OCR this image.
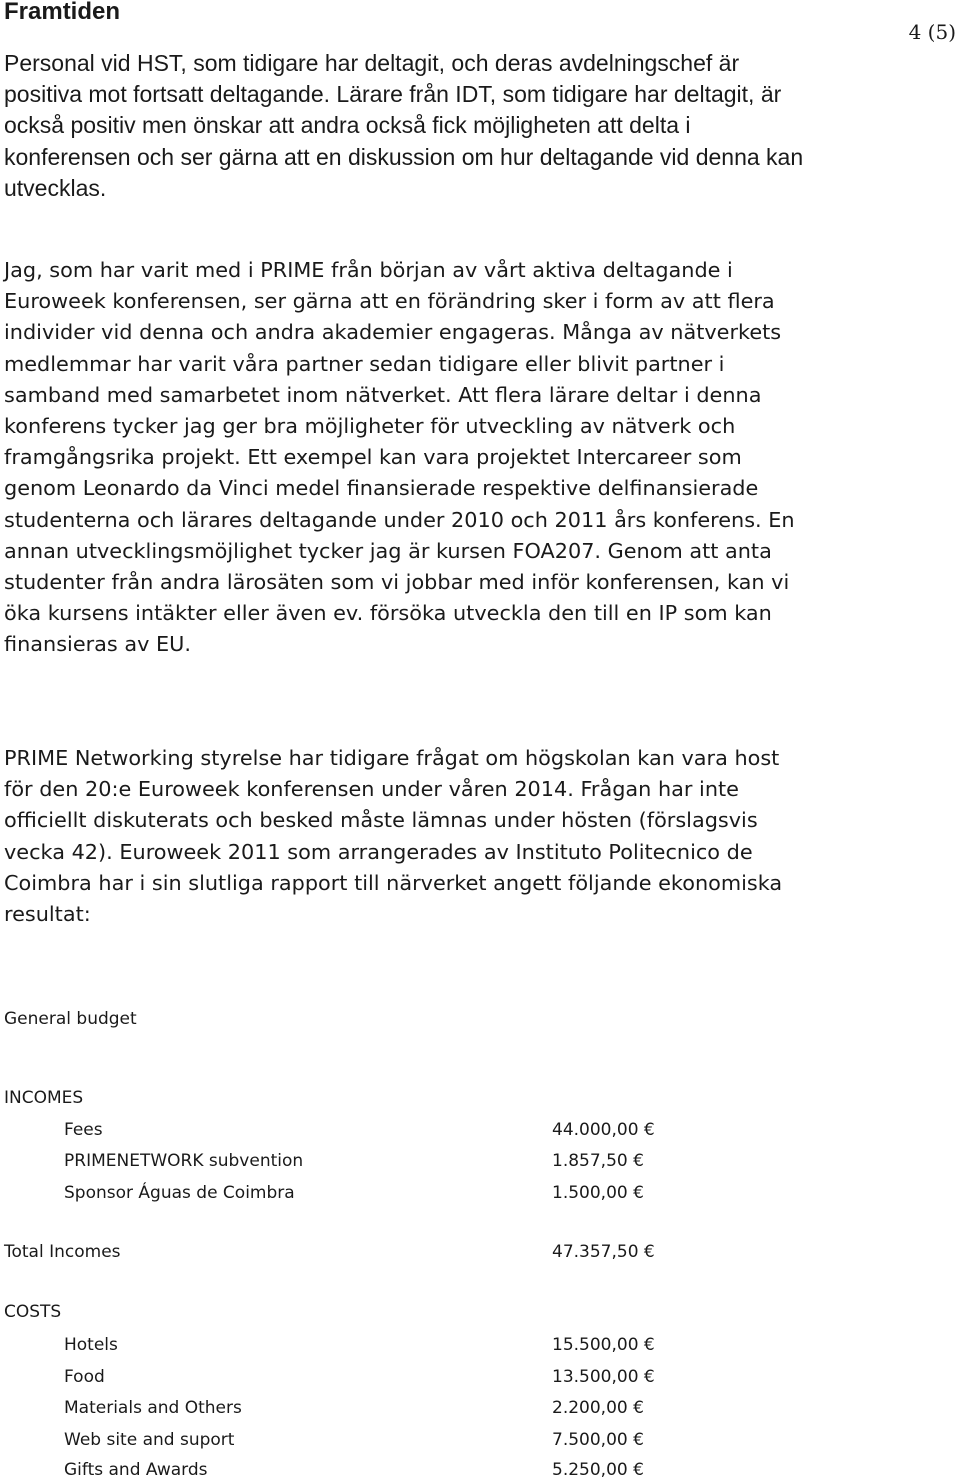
Framtiden
4 (5)

Personal vid HST, som tidigare har deltagit, och deras avdelningschef är positiva mot fortsatt deltagande. Lärare från IDT, som tidigare har deltagit, är också positiv men önskar att andra också fick möjligheten att delta i konferensen och ser gärna att en diskussion om hur deltagande vid denna kan utvecklas.

Jag, som har varit med i PRIME från början av vårt aktiva deltagande i Euroweek konferensen, ser gärna att en förändring sker i form av att flera individer vid denna och andra akademier engageras. Många av nätverkets medlemmar har varit våra partner sedan tidigare eller blivit partner i samband med samarbetet inom nätverket. Att flera lärare deltar i denna konferens tycker jag ger bra möjligheter för utveckling av nätverk och framgångsrika projekt. Ett exempel kan vara projektet Intercareer som genom Leonardo da Vinci medel finansierade respektive delfinansierade studenterna och lärares deltagande under 2010 och 2011 års konferens. En annan utvecklingsmöjlighet tycker jag är kursen FOA207. Genom att anta studenter från andra lärosäten som vi jobbar med inför konferensen, kan vi öka kursens intäkter eller även ev. försöka utveckla den till en IP som kan finansieras av EU.

PRIME Networking styrelse har tidigare frågat om högskolan kan vara host för den 20:e Euroweek konferensen under våren 2014. Frågan har inte officiellt diskuterats och besked måste lämnas under hösten (förslagsvis vecka 42). Euroweek 2011 som arrangerades av Instituto Politecnico de Coimbra har i sin slutliga rapport till närverket angett följande ekonomiska resultat:

General budget
INCOMES
Fees	44.000,00 €
PRIMENETWORK subvention	1.857,50 €
Sponsor Águas de Coimbra	1.500,00 €
Total Incomes	47.357,50 €
COSTS
Hotels	15.500,00 €
Food	13.500,00 €
Materials and Others	2.200,00 €
Web site and suport	7.500,00 €
Gifts and Awards	5.250,00 €
